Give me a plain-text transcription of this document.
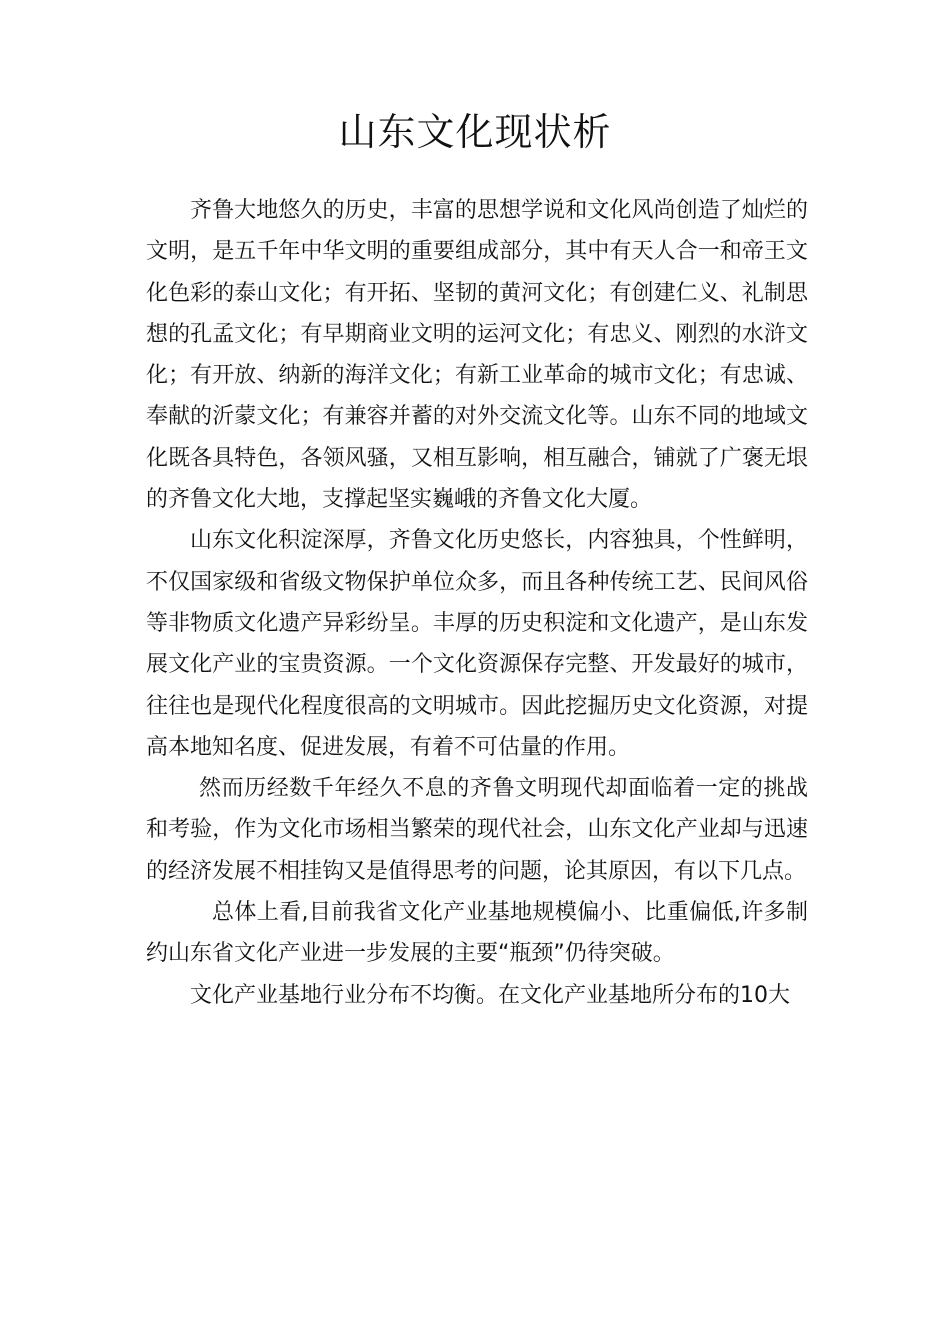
山东文化现状析

齐鲁大地悠久的历史，丰富的思想学说和文化风尚创造了灿烂的文明，是五千年中华文明的重要组成部分，其中有天人合一和帝王文化色彩的泰山文化；有开拓、坚韧的黄河文化；有创建仁义、礼制思想的孔孟文化；有早期商业文明的运河文化；有忠义、刚烈的水浒文化；有开放、纳新的海洋文化；有新工业革命的城市文化；有忠诚、奉献的沂蒙文化；有兼容并蓄的对外交流文化等。山东不同的地域文化既各具特色，各领风骚，又相互影响，相互融合，铺就了广褒无垠的齐鲁文化大地，支撑起坚实巍峨的齐鲁文化大厦。

山东文化积淀深厚，齐鲁文化历史悠长，内容独具，个性鲜明，不仅国家级和省级文物保护单位众多，而且各种传统工艺、民间风俗等非物质文化遗产异彩纷呈。丰厚的历史积淀和文化遗产，是山东发展文化产业的宝贵资源。一个文化资源保存完整、开发最好的城市，往往也是现代化程度很高的文明城市。因此挖掘历史文化资源，对提高本地知名度、促进发展，有着不可估量的作用。

然而历经数千年经久不息的齐鲁文明现代却面临着一定的挑战和考验，作为文化市场相当繁荣的现代社会，山东文化产业却与迅速的经济发展不相挂钩又是值得思考的问题，论其原因，有以下几点。

总体上看,目前我省文化产业基地规模偏小、比重偏低,许多制约山东省文化产业进一步发展的主要“瓶颈”仍待突破。

文化产业基地行业分布不均衡。在文化产业基地所分布的10大
